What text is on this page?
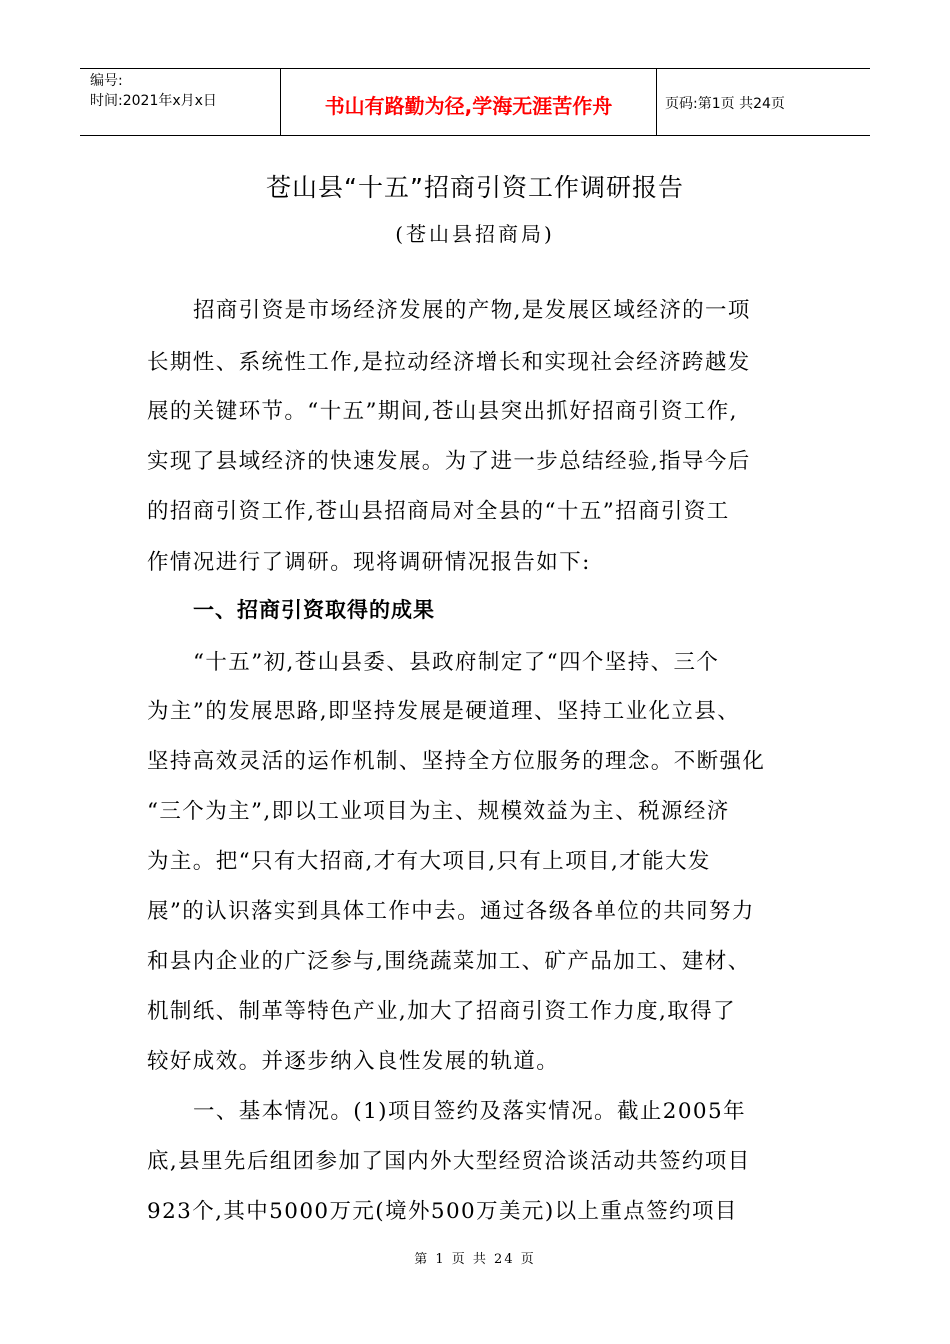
编号:
时间:2021年x月x日	书山有路勤为径,学海无涯苦作舟	页码:第1页 共24页
苍山县“十五”招商引资工作调研报告
(苍山县招商局)
招商引资是市场经济发展的产物,是发展区域经济的一项
长期性、系统性工作,是拉动经济增长和实现社会经济跨越发
展的关键环节。“十五”期间,苍山县突出抓好招商引资工作,
实现了县域经济的快速发展。为了进一步总结经验,指导今后
的招商引资工作,苍山县招商局对全县的“十五”招商引资工
作情况进行了调研。现将调研情况报告如下:
一、招商引资取得的成果
“十五”初,苍山县委、县政府制定了“四个坚持、三个
为主”的发展思路,即坚持发展是硬道理、坚持工业化立县、
坚持高效灵活的运作机制、坚持全方位服务的理念。不断强化
“三个为主”,即以工业项目为主、规模效益为主、税源经济
为主。把“只有大招商,才有大项目,只有上项目,才能大发
展”的认识落实到具体工作中去。通过各级各单位的共同努力
和县内企业的广泛参与,围绕蔬菜加工、矿产品加工、建材、
机制纸、制革等特色产业,加大了招商引资工作力度,取得了
较好成效。并逐步纳入良性发展的轨道。
一、基本情况。(1)项目签约及落实情况。截止2005年
底,县里先后组团参加了国内外大型经贸洽谈活动共签约项目
923个,其中5000万元(境外500万美元)以上重点签约项目
第 1 页 共 24 页
